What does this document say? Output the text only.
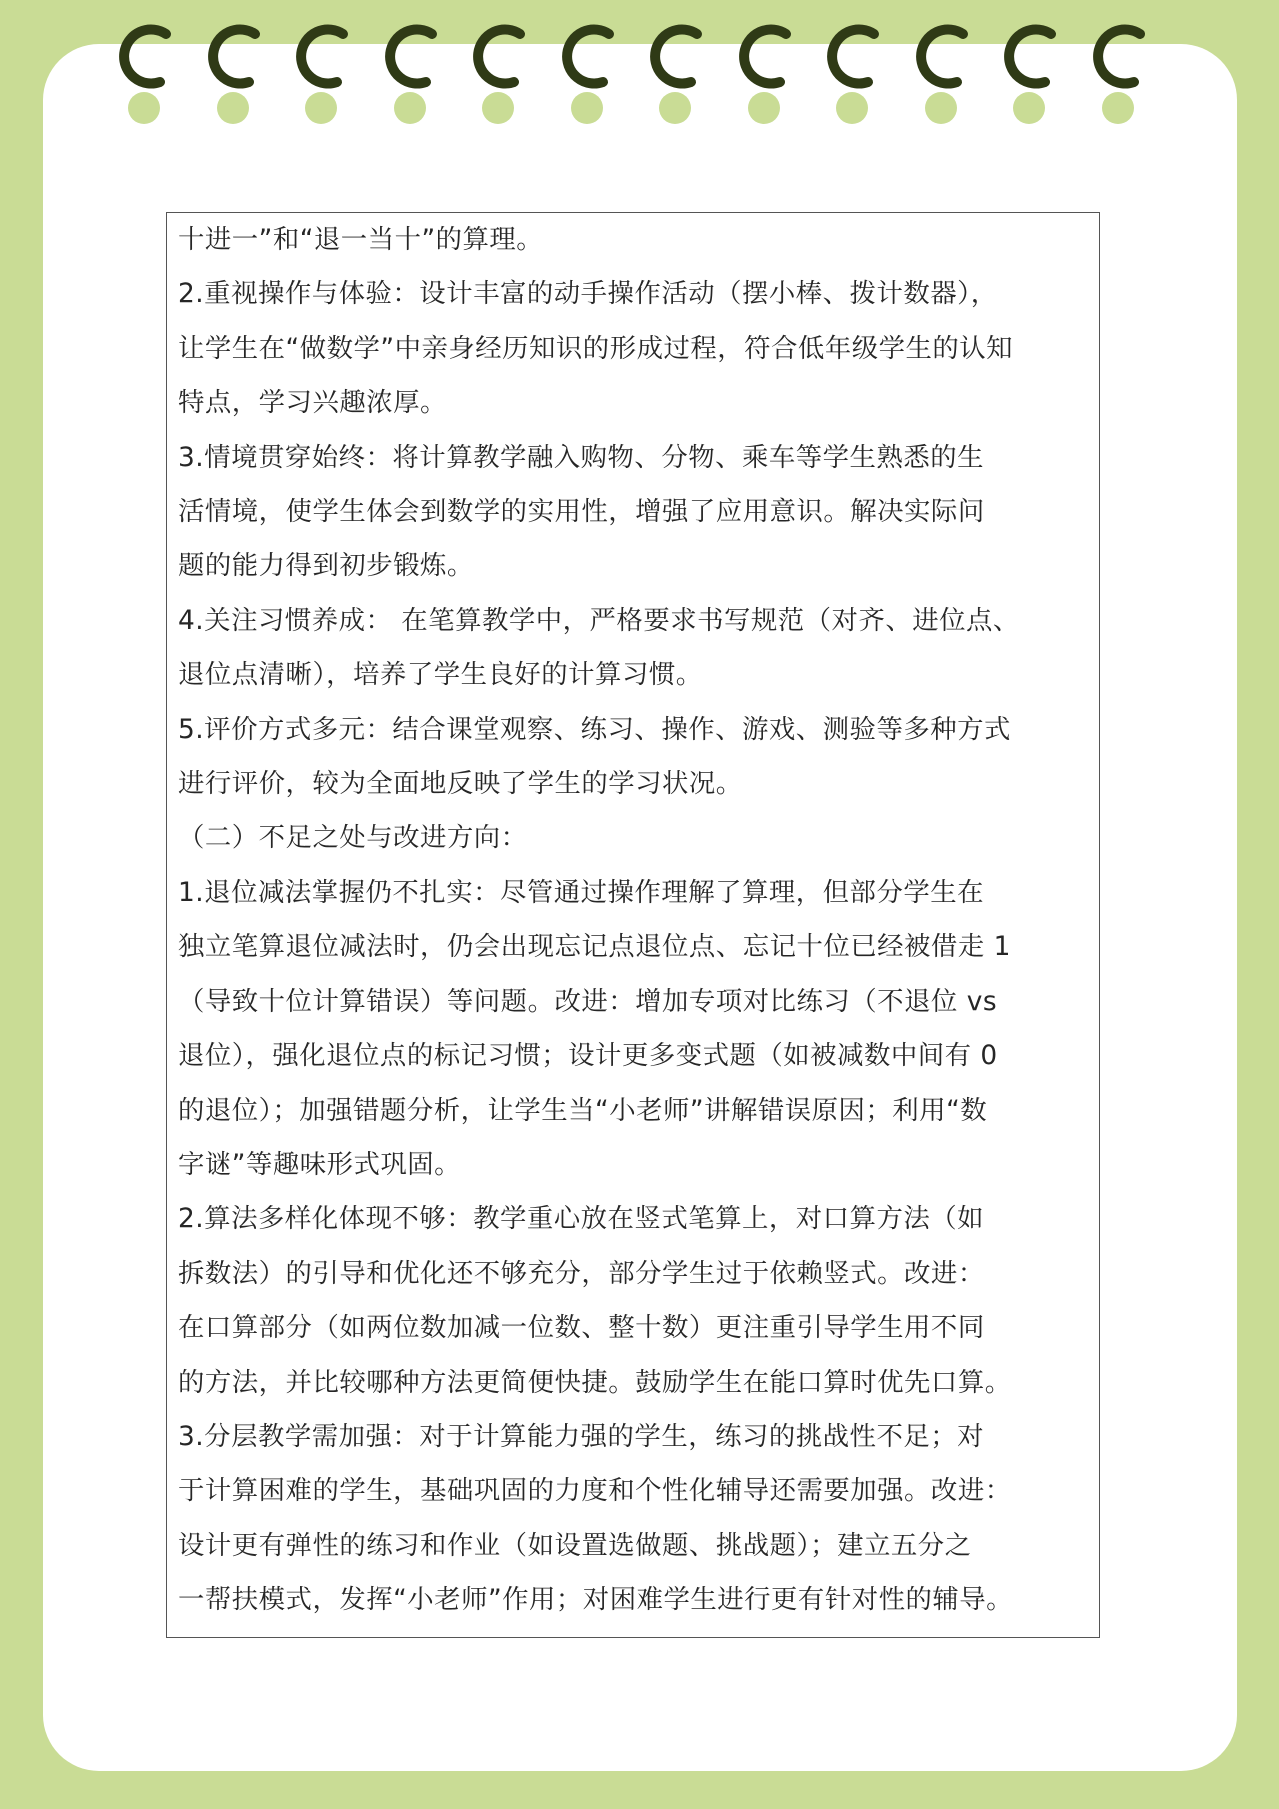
十进一”和“退一当十”的算理。

2.重视操作与体验：设计丰富的动手操作活动（摆小棒、拨计数器），

让学生在“做数学”中亲身经历知识的形成过程，符合低年级学生的认知

特点，学习兴趣浓厚。

3.情境贯穿始终：将计算教学融入购物、分物、乘车等学生熟悉的生

活情境，使学生体会到数学的实用性，增强了应用意识。解决实际问

题的能力得到初步锻炼。

4.关注习惯养成： 在笔算教学中，严格要求书写规范（对齐、进位点、

退位点清晰），培养了学生良好的计算习惯。

5.评价方式多元：结合课堂观察、练习、操作、游戏、测验等多种方式

进行评价，较为全面地反映了学生的学习状况。

（二）不足之处与改进方向：

1.退位减法掌握仍不扎实：尽管通过操作理解了算理，但部分学生在

独立笔算退位减法时，仍会出现忘记点退位点、忘记十位已经被借走 1

（导致十位计算错误）等问题。改进：增加专项对比练习（不退位 vs

退位），强化退位点的标记习惯；设计更多变式题（如被减数中间有 0

的退位）；加强错题分析，让学生当“小老师”讲解错误原因；利用“数

字谜”等趣味形式巩固。

2.算法多样化体现不够：教学重心放在竖式笔算上，对口算方法（如

拆数法）的引导和优化还不够充分，部分学生过于依赖竖式。改进：

在口算部分（如两位数加减一位数、整十数）更注重引导学生用不同

的方法，并比较哪种方法更简便快捷。鼓励学生在能口算时优先口算。

3.分层教学需加强：对于计算能力强的学生，练习的挑战性不足；对

于计算困难的学生，基础巩固的力度和个性化辅导还需要加强。改进：

设计更有弹性的练习和作业（如设置选做题、挑战题）；建立五分之

一帮扶模式，发挥“小老师”作用；对困难学生进行更有针对性的辅导。
